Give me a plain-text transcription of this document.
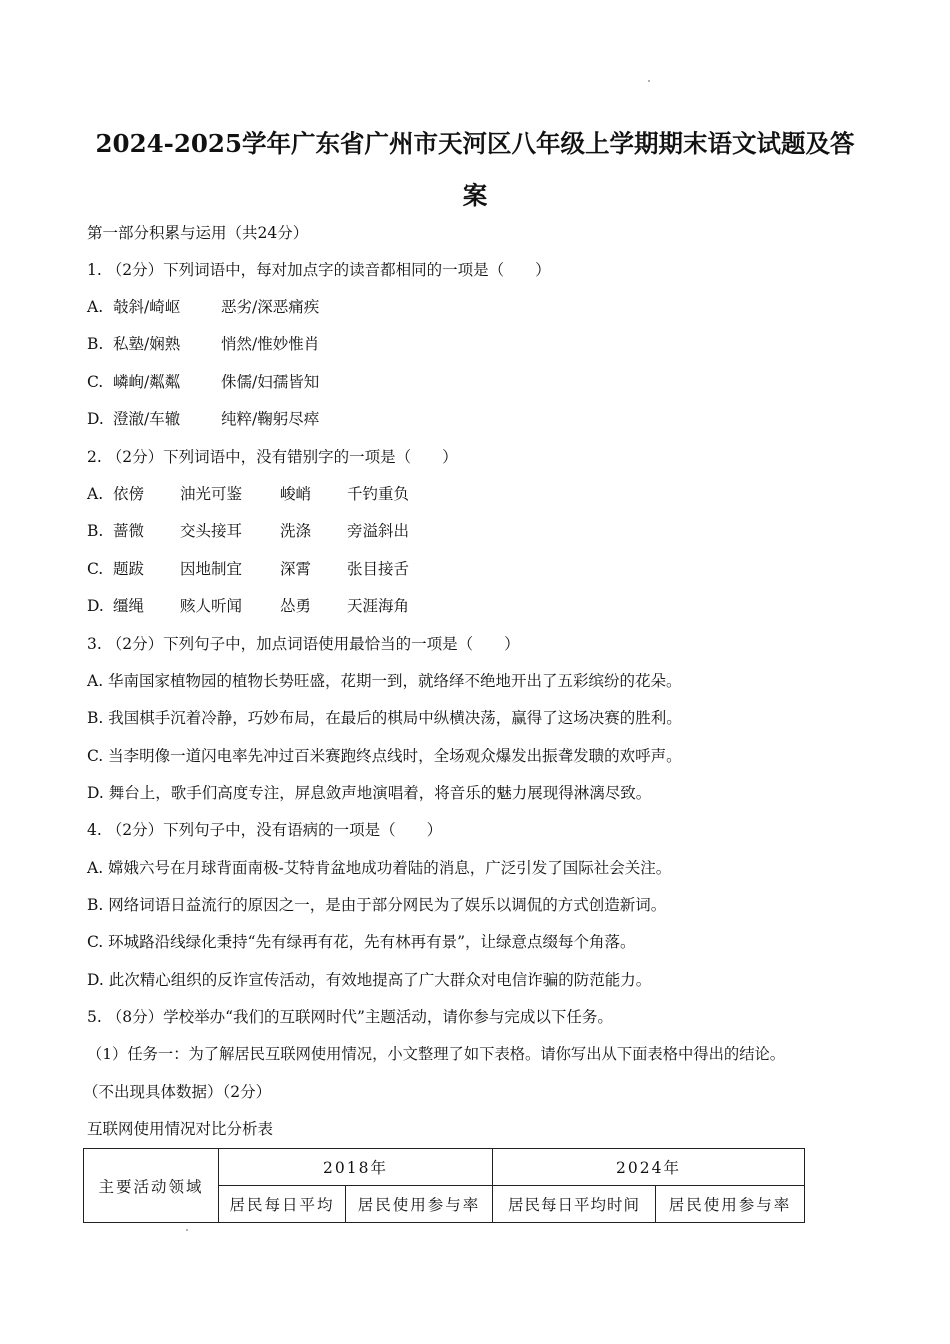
2024-2025学年广东省广州市天河区八年级上学期期末语文试题及答
案
第一部分积累与运用（共24分）
1. （2分）下列词语中，每对加点字的读音都相同的一项是（　　）
A. 攲斜/崎岖	恶劣/深恶痛疾
B. 私塾/娴熟	悄然/惟妙惟肖
C. 嶙峋/粼粼	侏儒/妇孺皆知
D. 澄澈/车辙	纯粹/鞠躬尽瘁
2. （2分）下列词语中，没有错别字的一项是（　　）
A. 依傍 油光可鉴 峻峭 千钓重负
B. 蔷微 交头接耳 洗涤 旁溢斜出
C. 题跋 因地制宜 深霄 张目接舌
D. 缰绳 赅人听闻 怂勇 天涯海角
3. （2分）下列句子中，加点词语使用最恰当的一项是（　　）
A. 华南国家植物园的植物长势旺盛，花期一到，就络绎不绝地开出了五彩缤纷的花朵。
B. 我国棋手沉着冷静，巧妙布局，在最后的棋局中纵横决荡，赢得了这场决赛的胜利。
C. 当李明像一道闪电率先冲过百米赛跑终点线时，全场观众爆发出振聋发聩的欢呼声。
D. 舞台上，歌手们高度专注，屏息敛声地演唱着，将音乐的魅力展现得淋漓尽致。
4. （2分）下列句子中，没有语病的一项是（　　）
A. 嫦娥六号在月球背面南极-艾特肯盆地成功着陆的消息，广泛引发了国际社会关注。
B. 网络词语日益流行的原因之一，是由于部分网民为了娱乐以调侃的方式创造新词。
C. 环城路沿线绿化秉持“先有绿再有花，先有林再有景”，让绿意点缀每个角落。
D. 此次精心组织的反诈宣传活动，有效地提高了广大群众对电信诈骗的防范能力。
5. （8分）学校举办“我们的互联网时代”主题活动，请你参与完成以下任务。
（1）任务一：为了解居民互联网使用情况，小文整理了如下表格。请你写出从下面表格中得出的结论。
（不出现具体数据）（2分）
互联网使用情况对比分析表
主要活动领域	2018年		2024年	
	居民每日平均	居民使用参与率	居民每日平均时间	居民使用参与率
